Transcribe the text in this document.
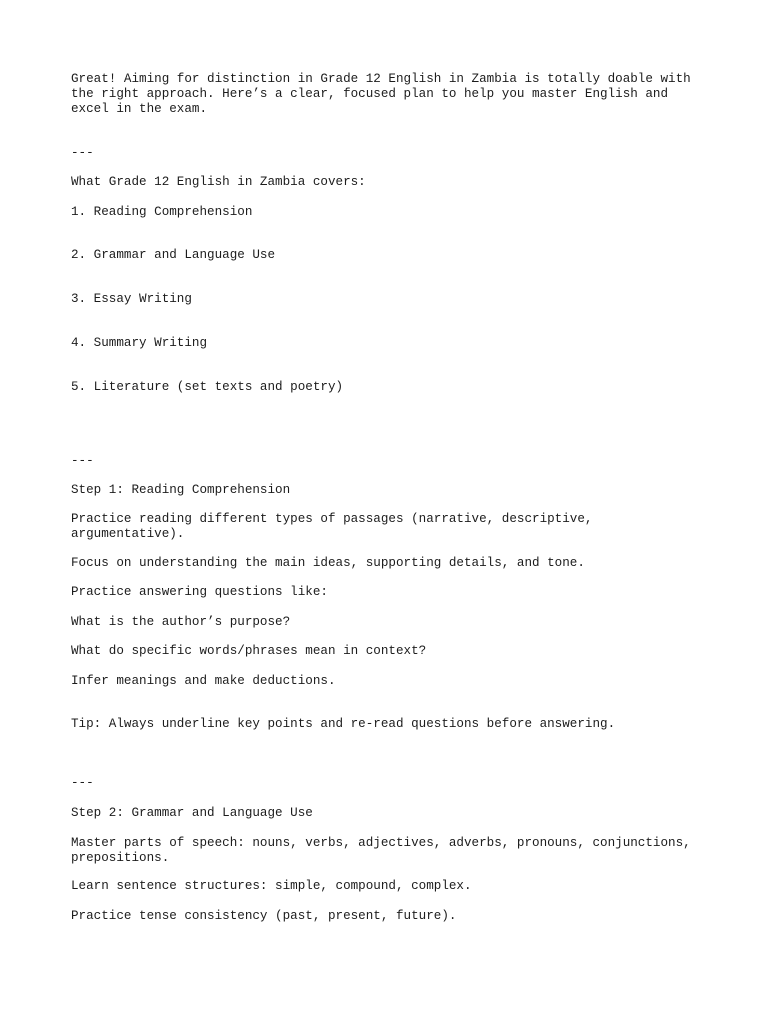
Great! Aiming for distinction in Grade 12 English in Zambia is totally doable with the right approach. Here’s a clear, focused plan to help you master English and excel in the exam.

---

What Grade 12 English in Zambia covers:

1. Reading Comprehension

2. Grammar and Language Use

3. Essay Writing

4. Summary Writing

5. Literature (set texts and poetry)

---

Step 1: Reading Comprehension

Practice reading different types of passages (narrative, descriptive, argumentative).

Focus on understanding the main ideas, supporting details, and tone.

Practice answering questions like:

What is the author’s purpose?

What do specific words/phrases mean in context?

Infer meanings and make deductions.

Tip: Always underline key points and re-read questions before answering.

---

Step 2: Grammar and Language Use

Master parts of speech: nouns, verbs, adjectives, adverbs, pronouns, conjunctions, prepositions.

Learn sentence structures: simple, compound, complex.

Practice tense consistency (past, present, future).
